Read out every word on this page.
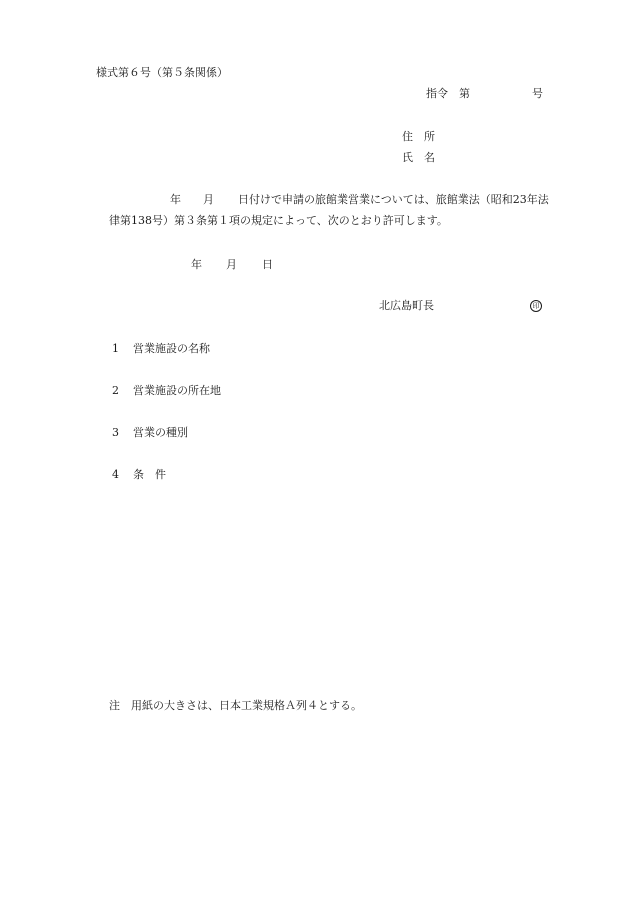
様式第６号（第５条関係）
指令　第	号
住　所
氏　名
年 月 日付けで申請の旅館業営業については、旅館業法（昭和23年法
律第138号）第３条第１項の規定によって、次のとおり許可します。
年 月 日
北広島町長	印
1 営業施設の名称
2 営業施設の所在地
3 営業の種別
4 条　件
注　用紙の大きさは、日本工業規格Ａ列４とする。
